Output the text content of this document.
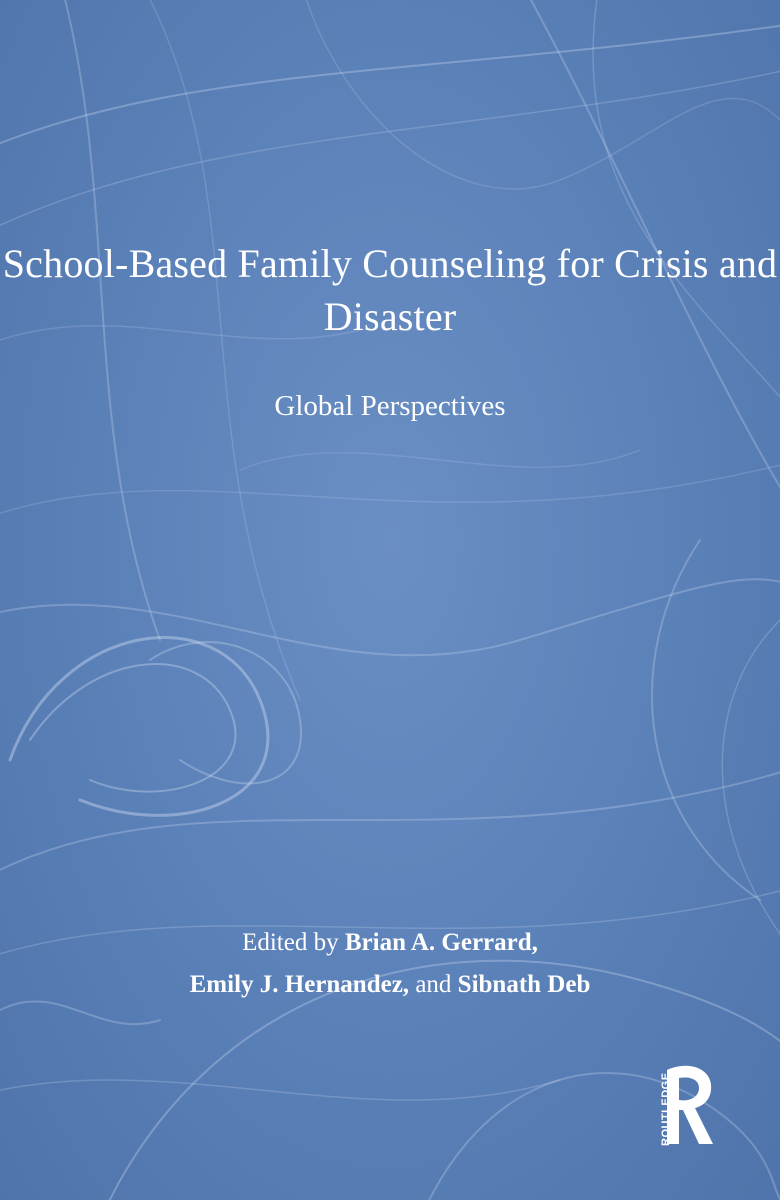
School-Based Family Counseling for Crisis and Disaster
Global Perspectives
Edited by Brian A. Gerrard,
Emily J. Hernandez, and Sibnath Deb
ROUTLEDGE
